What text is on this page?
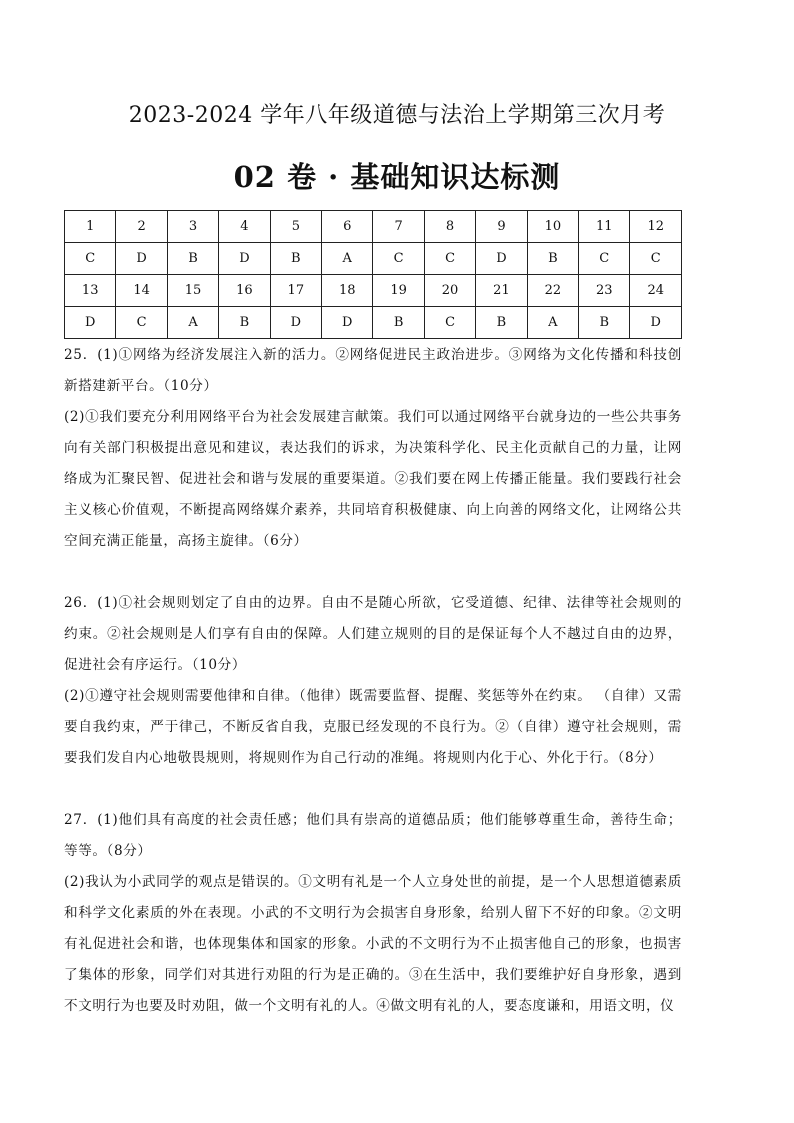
2023-2024 学年八年级道德与法治上学期第三次月考
02 卷 · 基础知识达标测
1	2	3	4	5	6	7	8	9	10	11	12
C	D	B	D	B	A	C	C	D	B	C	C
13	14	15	16	17	18	19	20	21	22	23	24
D	C	A	B	D	D	B	C	B	A	B	D

25．(1)①网络为经济发展注入新的活力。②网络促进民主政治进步。③网络为文化传播和科技创新搭建新平台。（10分）

(2)①我们要充分利用网络平台为社会发展建言献策。我们可以通过网络平台就身边的一些公共事务向有关部门积极提出意见和建议，表达我们的诉求，为决策科学化、民主化贡献自己的力量，让网络成为汇聚民智、促进社会和谐与发展的重要渠道。②我们要在网上传播正能量。我们要践行社会主义核心价值观，不断提高网络媒介素养，共同培育积极健康、向上向善的网络文化，让网络公共空间充满正能量，高扬主旋律。（6分）

26．(1)①社会规则划定了自由的边界。自由不是随心所欲，它受道德、纪律、法律等社会规则的约束。②社会规则是人们享有自由的保障。人们建立规则的目的是保证每个人不越过自由的边界，促进社会有序运行。（10分）

(2)①遵守社会规则需要他律和自律。（他律）既需要监督、提醒、奖惩等外在约束。 （自律）又需要自我约束，严于律己，不断反省自我，克服已经发现的不良行为。②（自律）遵守社会规则，需要我们发自内心地敬畏规则，将规则作为自己行动的准绳。将规则内化于心、外化于行。（8分）

27．(1)他们具有高度的社会责任感；他们具有崇高的道德品质；他们能够尊重生命，善待生命；等等。（8分）

(2)我认为小武同学的观点是错误的。①文明有礼是一个人立身处世的前提，是一个人思想道德素质和科学文化素质的外在表现。小武的不文明行为会损害自身形象，给别人留下不好的印象。②文明有礼促进社会和谐，也体现集体和国家的形象。小武的不文明行为不止损害他自己的形象，也损害了集体的形象，同学们对其进行劝阻的行为是正确的。③在生活中，我们要维护好自身形象，遇到不文明行为也要及时劝阻，做一个文明有礼的人。④做文明有礼的人，要态度谦和，用语文明，仪
